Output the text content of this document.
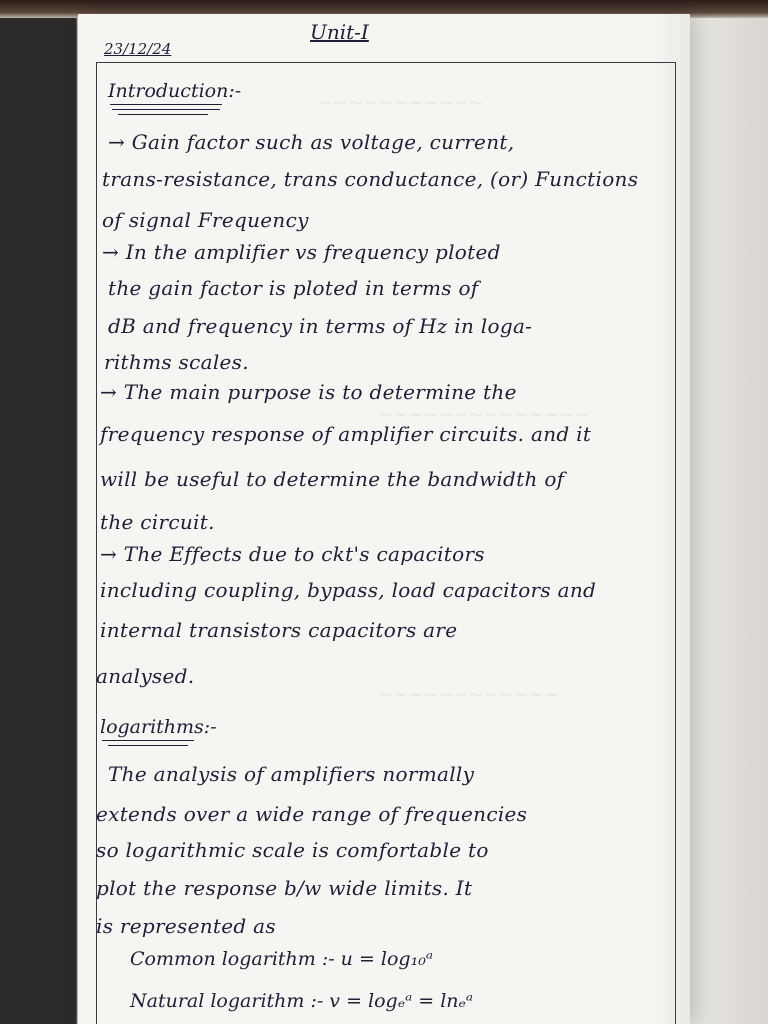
~~~~~~~~~~~
~~~~~~~~~~~~~~
~~~~~~~~~~~~
23/12/24
Unit-I
Introduction:-
→ Gain factor such as voltage, current,
trans-resistance, trans conductance, (or) Functions
of signal Frequency
→ In the amplifier vs frequency ploted
the gain factor is ploted in terms of
dB and frequency in terms of Hz in loga-
rithms scales.
→ The main purpose is to determine the
frequency response of amplifier circuits. and it
will be useful to determine the bandwidth of
the circuit.
→ The Effects due to ckt's capacitors
including coupling, bypass, load capacitors and
internal transistors capacitors are
analysed.
logarithms:-
The analysis of amplifiers normally
extends over a wide range of frequencies
so logarithmic scale is comfortable to
plot the response b/w wide limits. It
is represented as
Common logarithm :- u = log₁₀ᵃ
Natural logarithm :- v = logₑᵃ = lnₑᵃ
